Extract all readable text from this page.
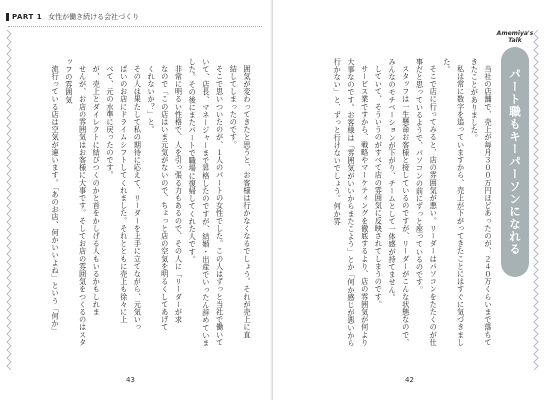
PART 1 女性が働き続ける会社づくり

囲気が変わってきたと思うと、お客様は行かなくなるでしょう。それが売上に直

結してしまったのです。

そこで思いついたのが、１人のパートの女性でした。この人はずっと当社で働いていて、店長、マネージャーまで昇格したのですが、結婚・出産でいったん辞めていました。その後にまたパートで職場に復帰してくれた人です。

非常に明るい性格で、人を引っ張る力もあるので、その人に「リーダーが求

なので「この店はいま元気がないので、ちょっと店の空気を明るくしてあげて

くれないか？」と。

その人は果たして私の期待に応えて、リーダーを上手に立てながら、元気いっ

ばいのお店にドライムシフトしてくれました。それとともに売上も徐々に上

べて、元の水準に戻ったのです。

が、売上とダイレクトに結びつくのかと首をかしげる人もいるかもしれま

せんが、お店の雰囲気はお客様に大事です。そしてお店の雰囲気をつくるのはスタッフの雰囲気

流行っている店は空気が違います。「あのお店、何かいいよね」という「何か」

43

当社の店舗で、売上が毎月３００万円ほどあったのが、２４０万くらいまで落ちてきたことがありました。

私は常に数字を追っていますから、売上が下がってきたことにはすぐに気づきました。

そこで店に行ってみると、店の雰囲気が悪い。リーダーはパソコンをたたくのが仕事だと思っているようで、パソコンの前にずっと座っているのです。

スタッフは一生懸命お客様と接しているのですが、リーダーがこんな状態なので、みんなのモチベーションが下がり、チームとして一体感が持てません。

していて、そういうのがすべて店の雰囲気に反映されてしまうのです。

サービス業ですから、戦略やマーケティングを徹底するより、店の雰囲気が何より大事なのです。お客様は「雰囲気がいいからまたこよう」とか「何か感じが悪いから行かない」と、ずっと行けないでしょう。何か雰

Amemiya's Talk
パート職もキーパーソンになれる
42
